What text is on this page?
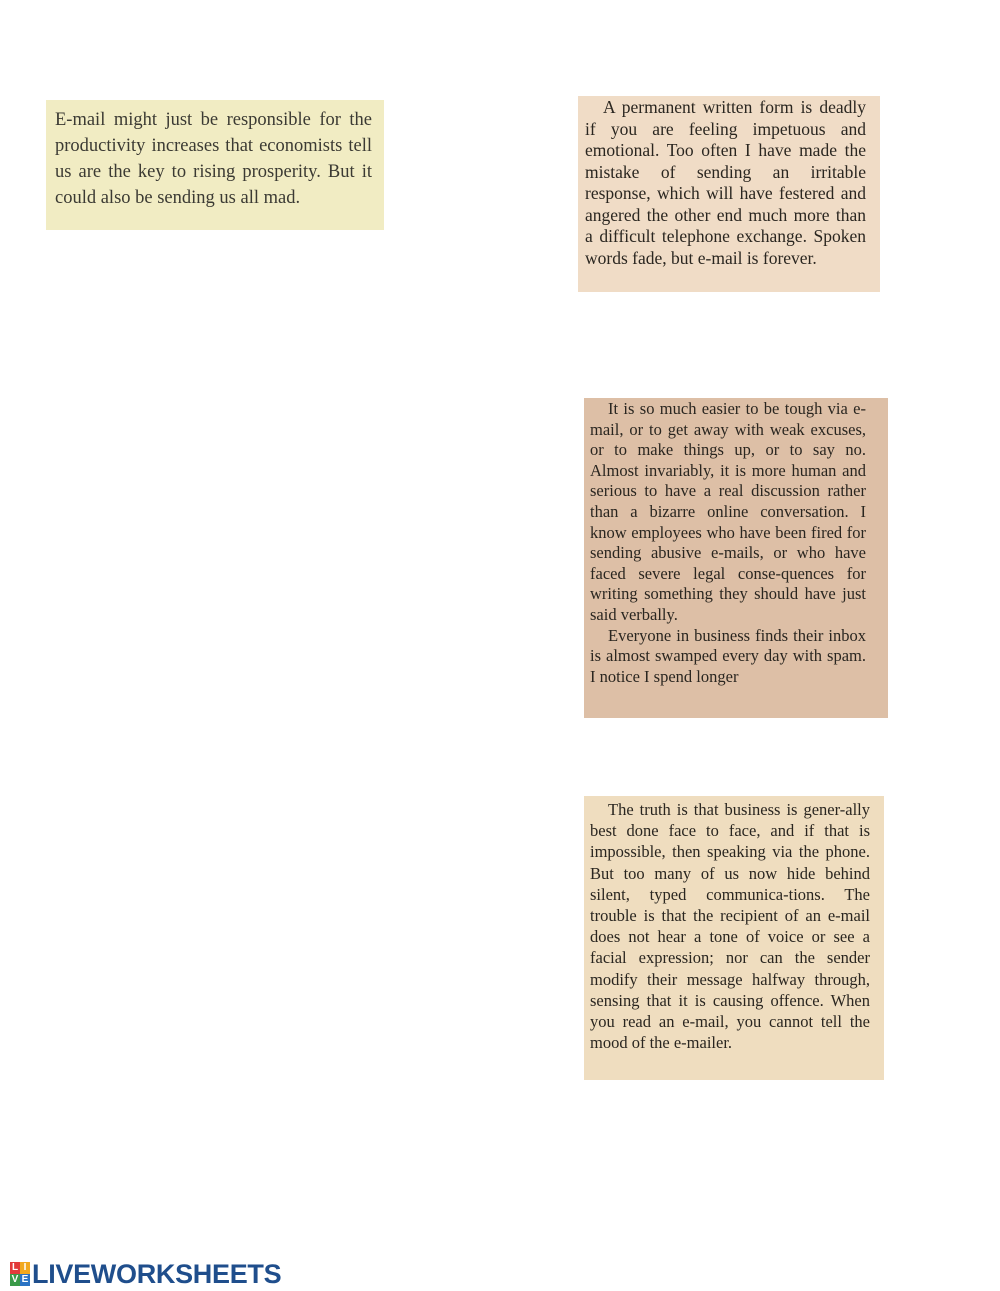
E-mail might just be responsible for the productivity increases that economists tell us are the key to rising prosperity. But it could also be sending us all mad.

A permanent written form is deadly if you are feeling impetuous and emotional. Too often I have made the mistake of sending an irritable response, which will have festered and angered the other end much more than a difficult telephone exchange. Spoken words fade, but e-mail is forever.

It is so much easier to be tough via e-mail, or to get away with weak excuses, or to make things up, or to say no. Almost invariably, it is more human and serious to have a real discussion rather than a bizarre online conversation. I know employees who have been fired for sending abusive e-mails, or who have faced severe legal conse-quences for writing something they should have just said verbally.

Everyone in business finds their inbox is almost swamped every day with spam. I notice I spend longer

The truth is that business is gener-ally best done face to face, and if that is impossible, then speaking via the phone. But too many of us now hide behind silent, typed communica-tions. The trouble is that the recipient of an e-mail does not hear a tone of voice or see a facial expression; nor can the sender modify their message halfway through, sensing that it is causing offence. When you read an e-mail, you cannot tell the mood of the e-mailer.

L I
V E LIVEWORKSHEETS
